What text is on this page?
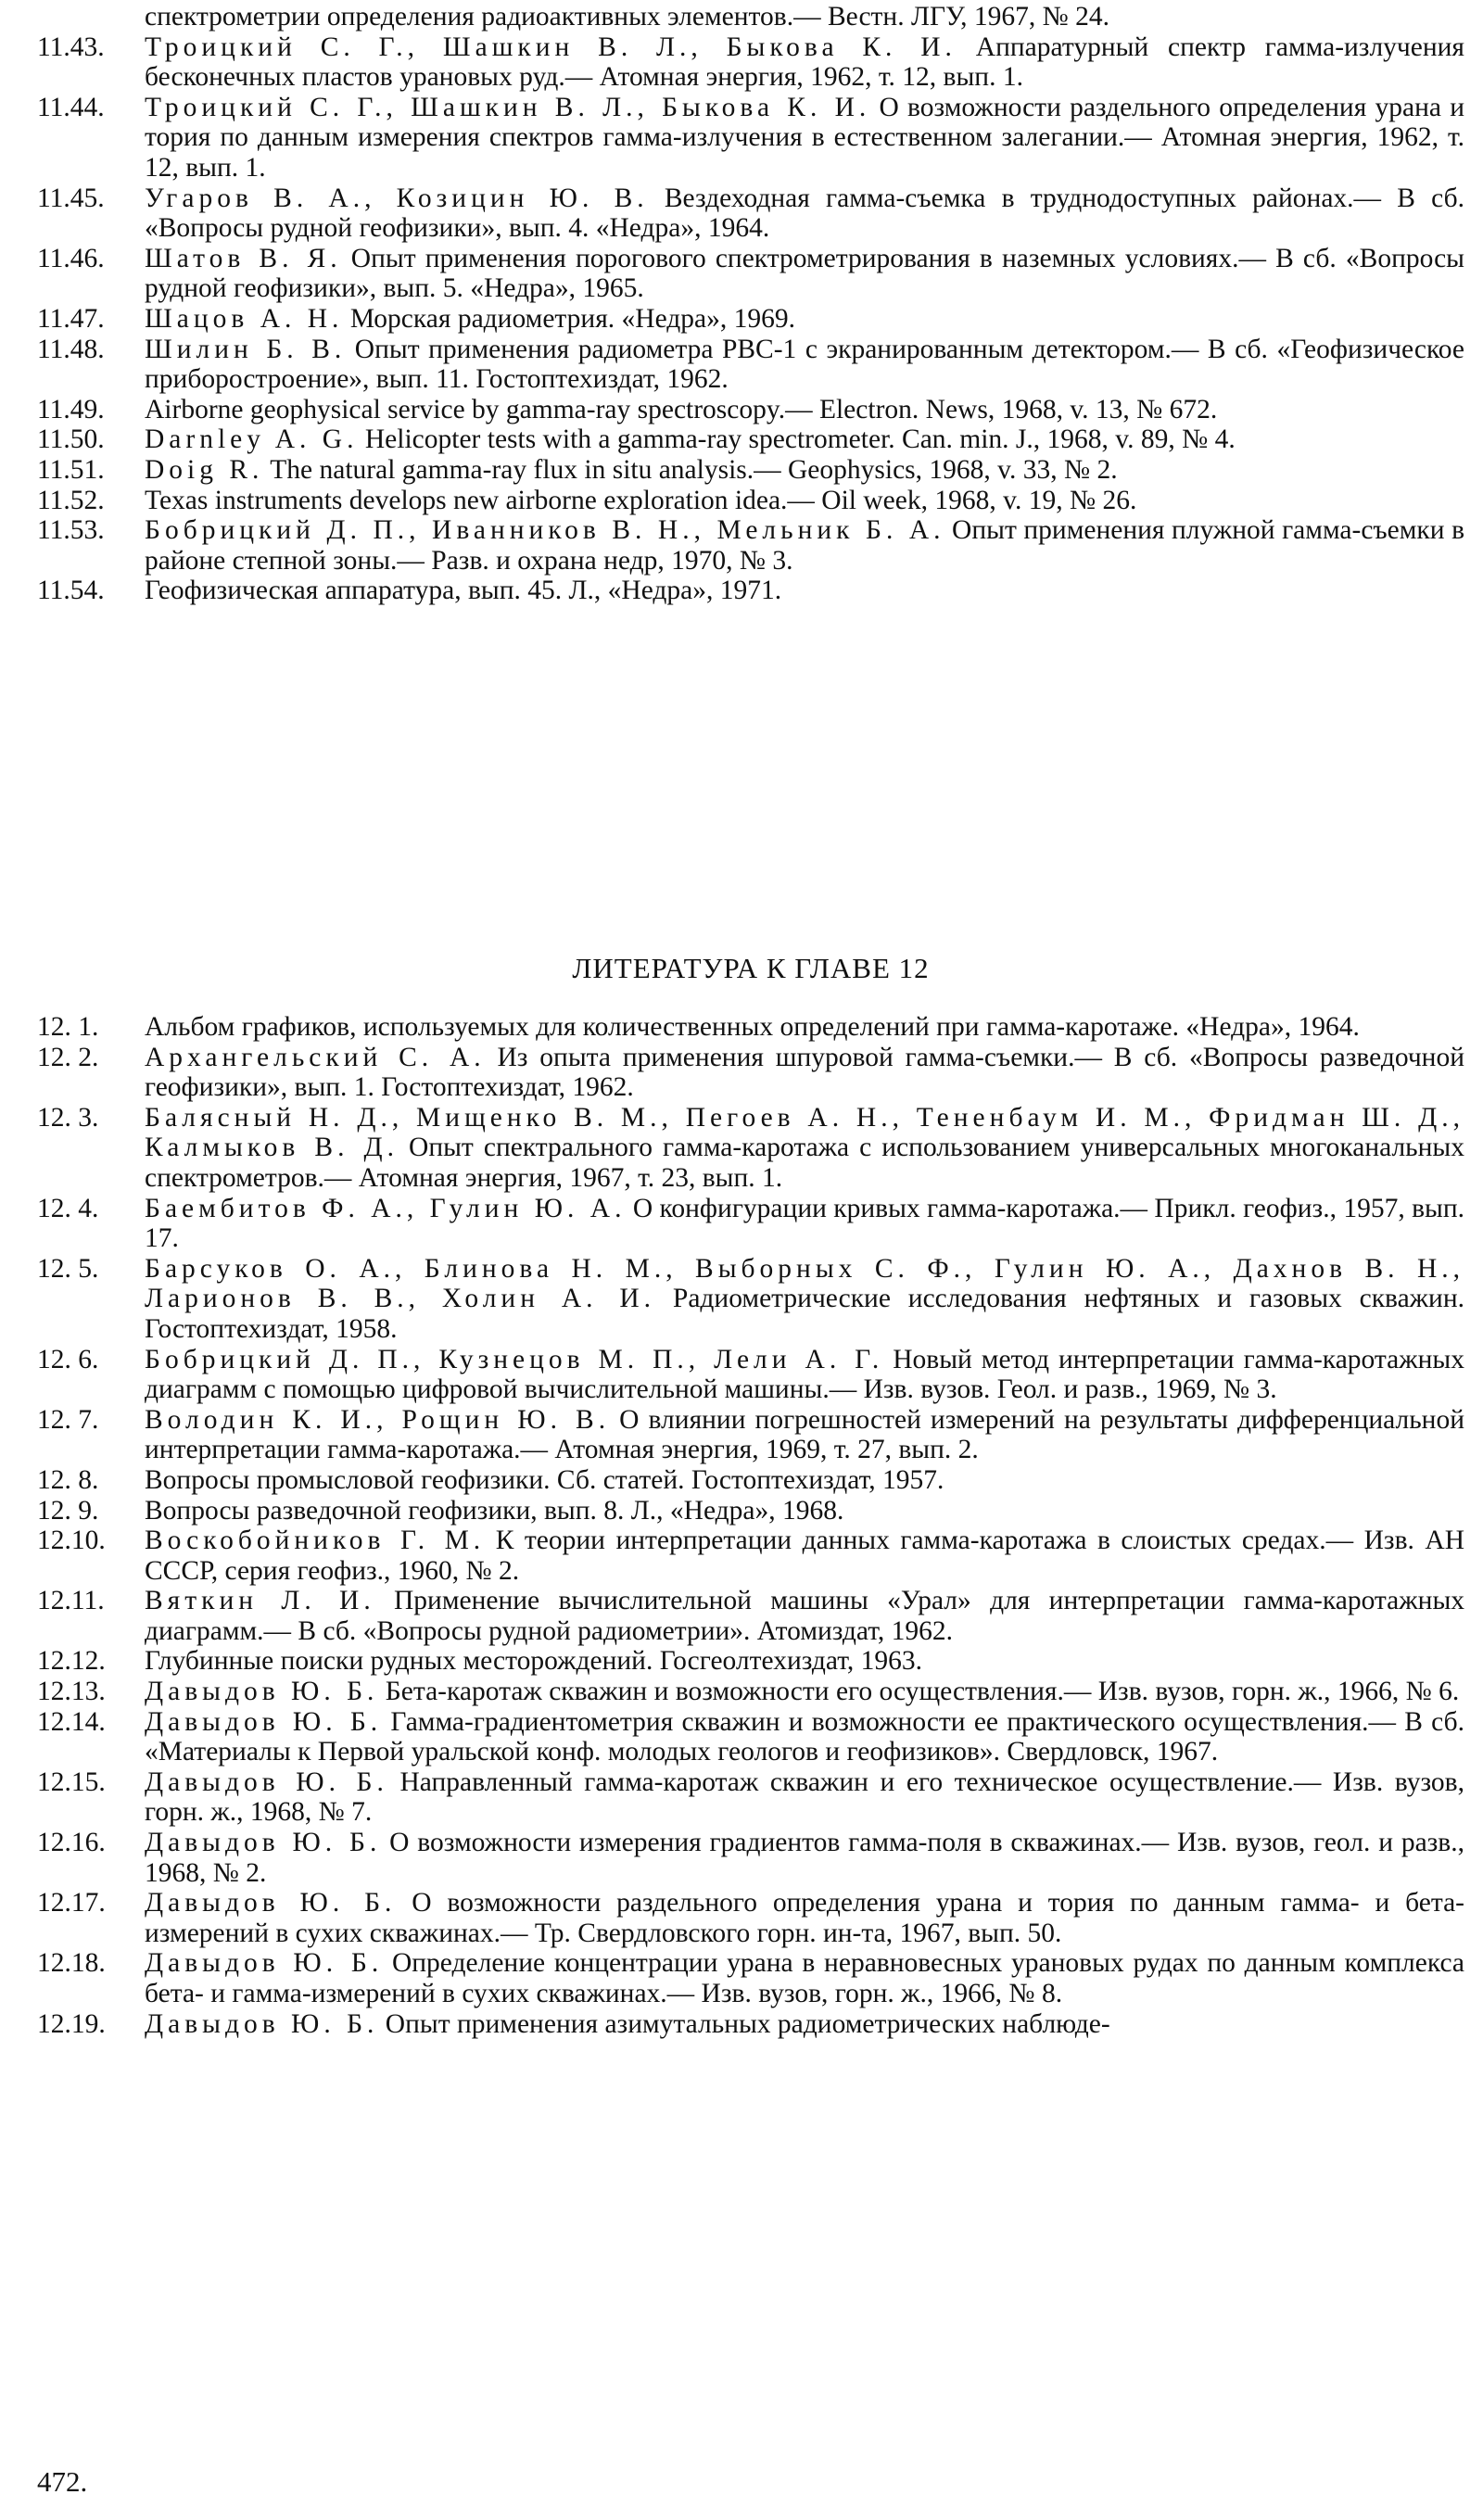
спектрометрии определения радиоактивных элементов.— Вестн. ЛГУ, 1967, № 24.

11.43.	Троицкий С. Г., Шашкин В. Л., Быкова К. И. Аппаратурный спектр гамма-излучения бесконечных пластов урановых руд.— Атомная энергия, 1962, т. 12, вып. 1.

11.44.	Троицкий С. Г., Шашкин В. Л., Быкова К. И. О возможности раздельного определения урана и тория по данным измерения спектров гамма-излучения в естественном залегании.— Атомная энергия, 1962, т. 12, вып. 1.

11.45.	Угаров В. А., Козицин Ю. В. Вездеходная гамма-съемка в труднодоступных районах.— В сб. «Вопросы рудной геофизики», вып. 4. «Недра», 1964.

11.46.	Шатов В. Я. Опыт применения порогового спектрометрирования в наземных условиях.— В сб. «Вопросы рудной геофизики», вып. 5. «Недра», 1965.

11.47.	Шацов А. Н. Морская радиометрия. «Недра», 1969.

11.48.	Шилин Б. В. Опыт применения радиометра РВС-1 с экранированным детектором.— В сб. «Геофизическое приборостроение», вып. 11. Гостоптехиздат, 1962.

11.49.	Airborne geophysical service by gamma-ray spectroscopy.— Electron. News, 1968, v. 13, № 672.

11.50.	Darnley A. G. Helicopter tests with a gamma-ray spectrometer. Can. min. J., 1968, v. 89, № 4.

11.51.	Doig R. The natural gamma-ray flux in situ analysis.— Geophysics, 1968, v. 33, № 2.

11.52.	Texas instruments develops new airborne exploration idea.— Oil week, 1968, v. 19, № 26.

11.53.	Бобрицкий Д. П., Иванников В. Н., Мельник Б. А. Опыт применения плужной гамма-съемки в районе степной зоны.— Разв. и охрана недр, 1970, № 3.

11.54.	Геофизическая аппаратура, вып. 45. Л., «Недра», 1971.

ЛИТЕРАТУРА К ГЛАВЕ 12

12. 1.	Альбом графиков, используемых для количественных определений при гамма-каротаже. «Недра», 1964.

12. 2.	Архангельский С. А. Из опыта применения шпуровой гамма-съемки.— В сб. «Вопросы разведочной геофизики», вып. 1. Гостоптехиздат, 1962.

12. 3.	Балясный Н. Д., Мищенко В. М., Пегоев А. Н., Тененбаум И. М., Фридман Ш. Д., Калмыков В. Д. Опыт спектрального гамма-каротажа с использованием универсальных многоканальных спектрометров.— Атомная энергия, 1967, т. 23, вып. 1.

12. 4.	Баембитов Ф. А., Гулин Ю. А. О конфигурации кривых гамма-каротажа.— Прикл. геофиз., 1957, вып. 17.

12. 5.	Барсуков О. А., Блинова Н. М., Выборных С. Ф., Гулин Ю. А., Дахнов В. Н., Ларионов В. В., Холин А. И. Радиометрические исследования нефтяных и газовых скважин. Гостоптехиздат, 1958.

12. 6.	Бобрицкий Д. П., Кузнецов М. П., Лели А. Г. Новый метод интерпретации гамма-каротажных диаграмм с помощью цифровой вычислительной машины.— Изв. вузов. Геол. и разв., 1969, № 3.

12. 7.	Володин К. И., Рощин Ю. В. О влиянии погрешностей измерений на результаты дифференциальной интерпретации гамма-каротажа.— Атомная энергия, 1969, т. 27, вып. 2.

12. 8.	Вопросы промысловой геофизики. Сб. статей. Гостоптехиздат, 1957.

12. 9.	Вопросы разведочной геофизики, вып. 8. Л., «Недра», 1968.

12.10.	Воскобойников Г. М. К теории интерпретации данных гамма-каротажа в слоистых средах.— Изв. АН СССР, серия геофиз., 1960, № 2.

12.11.	Вяткин Л. И. Применение вычислительной машины «Урал» для интерпретации гамма-каротажных диаграмм.— В сб. «Вопросы рудной радиометрии». Атомиздат, 1962.

12.12.	Глубинные поиски рудных месторождений. Госгеолтехиздат, 1963.

12.13.	Давыдов Ю. Б. Бета-каротаж скважин и возможности его осуществления.— Изв. вузов, горн. ж., 1966, № 6.

12.14.	Давыдов Ю. Б. Гамма-градиентометрия скважин и возможности ее практического осуществления.— В сб. «Материалы к Первой уральской конф. молодых геологов и геофизиков». Свердловск, 1967.

12.15.	Давыдов Ю. Б. Направленный гамма-каротаж скважин и его техническое осуществление.— Изв. вузов, горн. ж., 1968, № 7.

12.16.	Давыдов Ю. Б. О возможности измерения градиентов гамма-поля в скважинах.— Изв. вузов, геол. и разв., 1968, № 2.

12.17.	Давыдов Ю. Б. О возможности раздельного определения урана и тория по данным гамма- и бета-измерений в сухих скважинах.— Тр. Свердловского горн. ин-та, 1967, вып. 50.

12.18.	Давыдов Ю. Б. Определение концентрации урана в неравновесных урановых рудах по данным комплекса бета- и гамма-измерений в сухих скважинах.— Изв. вузов, горн. ж., 1966, № 8.

12.19.	Давыдов Ю. Б. Опыт применения азимутальных радиометрических наблюде-

472.
